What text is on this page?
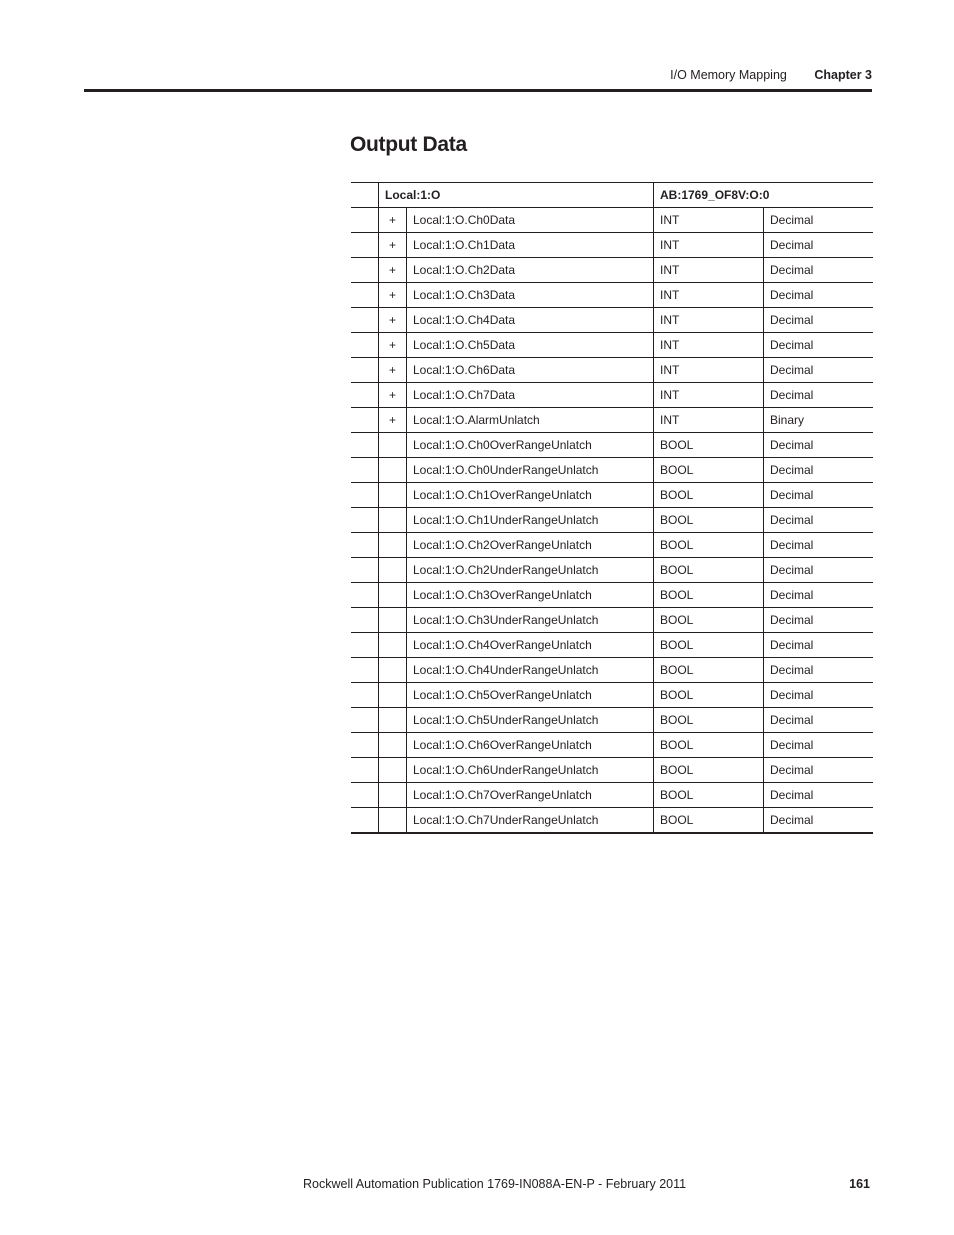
I/O Memory Mapping Chapter 3
Output Data
	Local:1:O		AB:1769_OF8V:O:0	
	+	Local:1:O.Ch0Data	INT	Decimal
	+	Local:1:O.Ch1Data	INT	Decimal
	+	Local:1:O.Ch2Data	INT	Decimal
	+	Local:1:O.Ch3Data	INT	Decimal
	+	Local:1:O.Ch4Data	INT	Decimal
	+	Local:1:O.Ch5Data	INT	Decimal
	+	Local:1:O.Ch6Data	INT	Decimal
	+	Local:1:O.Ch7Data	INT	Decimal
	+	Local:1:O.AlarmUnlatch	INT	Binary
		Local:1:O.Ch0OverRangeUnlatch	BOOL	Decimal
		Local:1:O.Ch0UnderRangeUnlatch	BOOL	Decimal
		Local:1:O.Ch1OverRangeUnlatch	BOOL	Decimal
		Local:1:O.Ch1UnderRangeUnlatch	BOOL	Decimal
		Local:1:O.Ch2OverRangeUnlatch	BOOL	Decimal
		Local:1:O.Ch2UnderRangeUnlatch	BOOL	Decimal
		Local:1:O.Ch3OverRangeUnlatch	BOOL	Decimal
		Local:1:O.Ch3UnderRangeUnlatch	BOOL	Decimal
		Local:1:O.Ch4OverRangeUnlatch	BOOL	Decimal
		Local:1:O.Ch4UnderRangeUnlatch	BOOL	Decimal
		Local:1:O.Ch5OverRangeUnlatch	BOOL	Decimal
		Local:1:O.Ch5UnderRangeUnlatch	BOOL	Decimal
		Local:1:O.Ch6OverRangeUnlatch	BOOL	Decimal
		Local:1:O.Ch6UnderRangeUnlatch	BOOL	Decimal
		Local:1:O.Ch7OverRangeUnlatch	BOOL	Decimal
		Local:1:O.Ch7UnderRangeUnlatch	BOOL	Decimal
Rockwell Automation Publication 1769-IN088A-EN-P - February 2011	161
